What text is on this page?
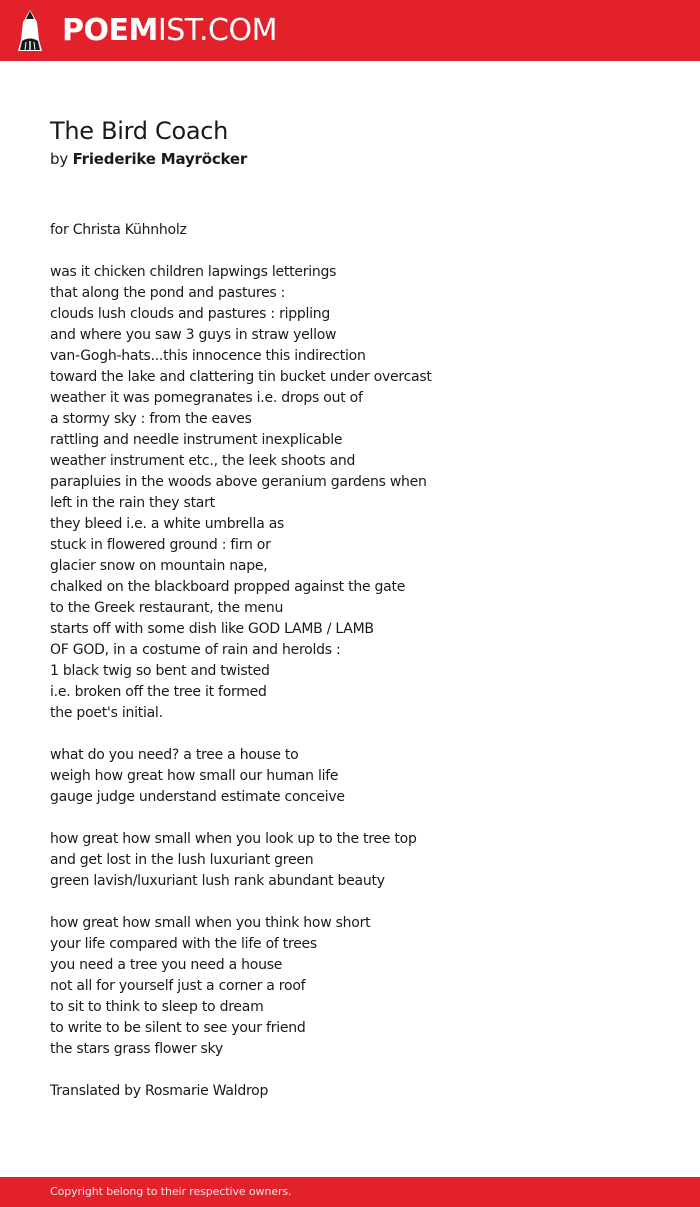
POEMIST.COM
The Bird Coach
by Friederike Mayröcker
for Christa Kühnholz
was it chicken children lapwings letterings
that along the pond and pastures :
clouds lush clouds and pastures : rippling
and where you saw 3 guys in straw yellow
van-Gogh-hats...this innocence this indirection
toward the lake and clattering tin bucket under overcast
weather it was pomegranates i.e. drops out of
a stormy sky : from the eaves
rattling and needle instrument inexplicable
weather instrument etc., the leek shoots and
parapluies in the woods above geranium gardens when
left in the rain they start
they bleed i.e. a white umbrella as
stuck in flowered ground : firn or
glacier snow on mountain nape,
chalked on the blackboard propped against the gate
to the Greek restaurant, the menu
starts off with some dish like GOD LAMB / LAMB
OF GOD, in a costume of rain and herolds :
1 black twig so bent and twisted
i.e. broken off the tree it formed
the poet's initial.
what do you need? a tree a house to
weigh how great how small our human life
gauge judge understand estimate conceive
how great how small when you look up to the tree top
and get lost in the lush luxuriant green
green lavish/luxuriant lush rank abundant beauty
how great how small when you think how short
your life compared with the life of trees
you need a tree you need a house
not all for yourself just a corner a roof
to sit to think to sleep to dream
to write to be silent to see your friend
the stars grass flower sky
Translated by Rosmarie Waldrop
Copyright belong to their respective owners.
